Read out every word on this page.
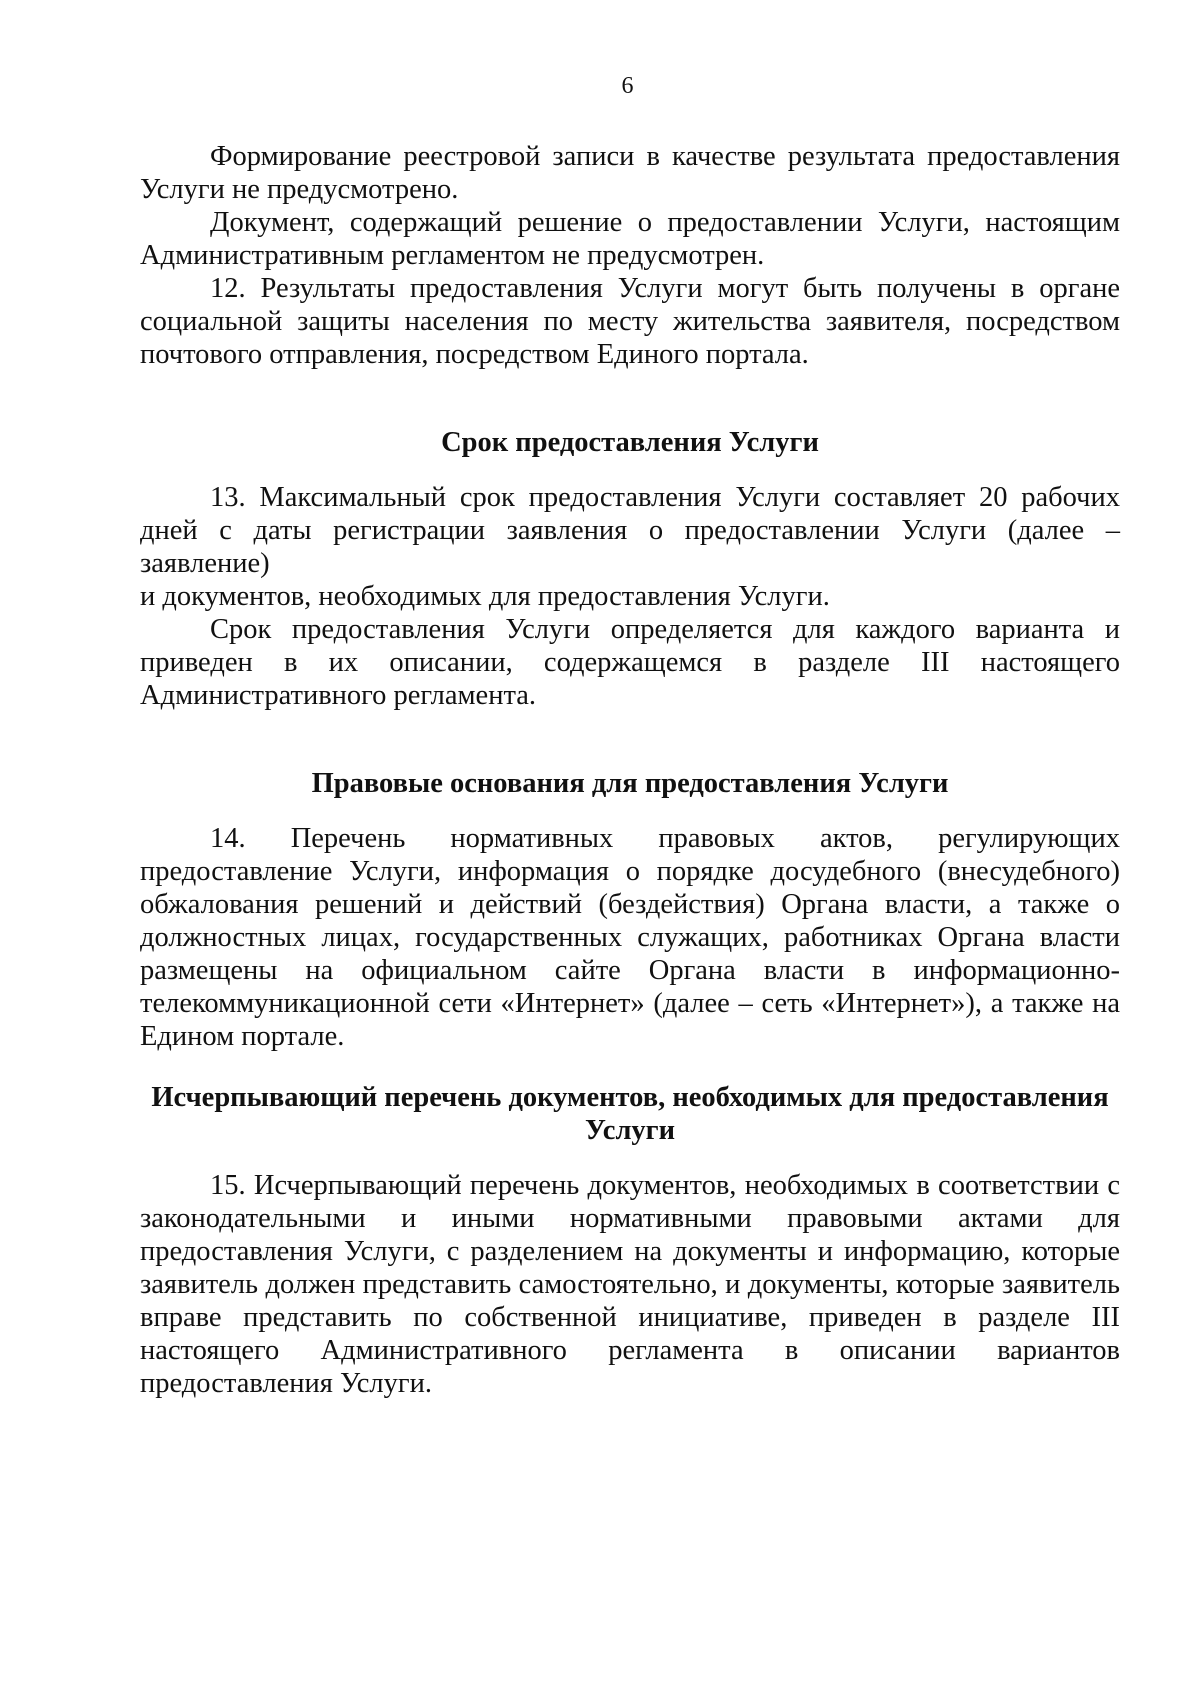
6
Формирование реестровой записи в качестве результата предоставления
Услуги не предусмотрено.
Документ, содержащий решение о предоставлении Услуги, настоящим
Административным регламентом не предусмотрен.
12. Результаты предоставления Услуги могут быть получены в органе
социальной защиты населения по месту жительства заявителя, посредством
почтового отправления, посредством Единого портала.
Срок предоставления Услуги
13. Максимальный срок предоставления Услуги составляет 20 рабочих
дней с даты регистрации заявления о предоставлении Услуги (далее – заявление)
и документов, необходимых для предоставления Услуги.
Срок предоставления Услуги определяется для каждого варианта и
приведен в их описании, содержащемся в разделе III настоящего
Административного регламента.
Правовые основания для предоставления Услуги
14. Перечень нормативных правовых актов, регулирующих
предоставление Услуги, информация о порядке досудебного (внесудебного)
обжалования решений и действий (бездействия) Органа власти, а также о
должностных лицах, государственных служащих, работниках Органа власти
размещены на официальном сайте Органа власти в информационно-
телекоммуникационной сети «Интернет» (далее – сеть «Интернет»), а также на
Едином портале.
Исчерпывающий перечень документов, необходимых для предоставления
Услуги
15. Исчерпывающий перечень документов, необходимых в соответствии с
законодательными и иными нормативными правовыми актами для
предоставления Услуги, с разделением на документы и информацию, которые
заявитель должен представить самостоятельно, и документы, которые заявитель
вправе представить по собственной инициативе, приведен в разделе III
настоящего Административного регламента в описании вариантов
предоставления Услуги.
